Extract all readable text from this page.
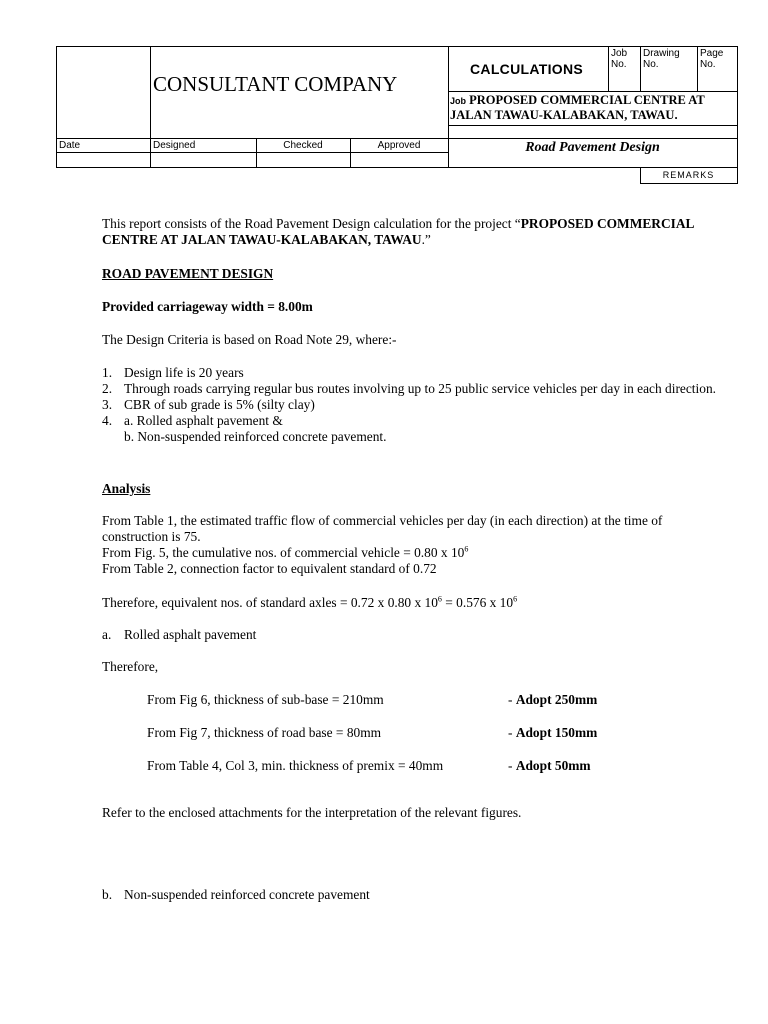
CONSULTANT COMPANY
CALCULATIONS
Job No.
Drawing No.
Page No.
Job PROPOSED COMMERCIAL CENTRE AT JALAN TAWAU-KALABAKAN, TAWAU.
Date	Designed	Checked	Approved	Road Pavement Design
REMARKS
This report consists of the Road Pavement Design calculation for the project “PROPOSED COMMERCIAL CENTRE AT JALAN TAWAU-KALABAKAN, TAWAU.”
ROAD PAVEMENT DESIGN
Provided carriageway width = 8.00m
The Design Criteria is based on Road Note 29, where:-
1. Design life is 20 years
2. Through roads carrying regular bus routes involving up to 25 public service vehicles per day in each direction.
3. CBR of sub grade is 5% (silty clay)
4. a. Rolled asphalt pavement &
b. Non-suspended reinforced concrete pavement.
Analysis
From Table 1, the estimated traffic flow of commercial vehicles per day (in each direction) at the time of construction is 75.
From Fig. 5, the cumulative nos. of commercial vehicle = 0.80 x $10^6$
From Table 2, connection factor to equivalent standard of 0.72
Therefore, equivalent nos. of standard axles = 0.72 x 0.80 x $10^6 = 0.576$ x $10^6$
a. Rolled asphalt pavement
Therefore,
From Fig 6, thickness of sub-base = 210mm	- Adopt 250mm
From Fig 7, thickness of road base = 80mm	- Adopt 150mm
From Table 4, Col 3, min. thickness of premix = 40mm	- Adopt 50mm
Refer to the enclosed attachments for the interpretation of the relevant figures.
b. Non-suspended reinforced concrete pavement
